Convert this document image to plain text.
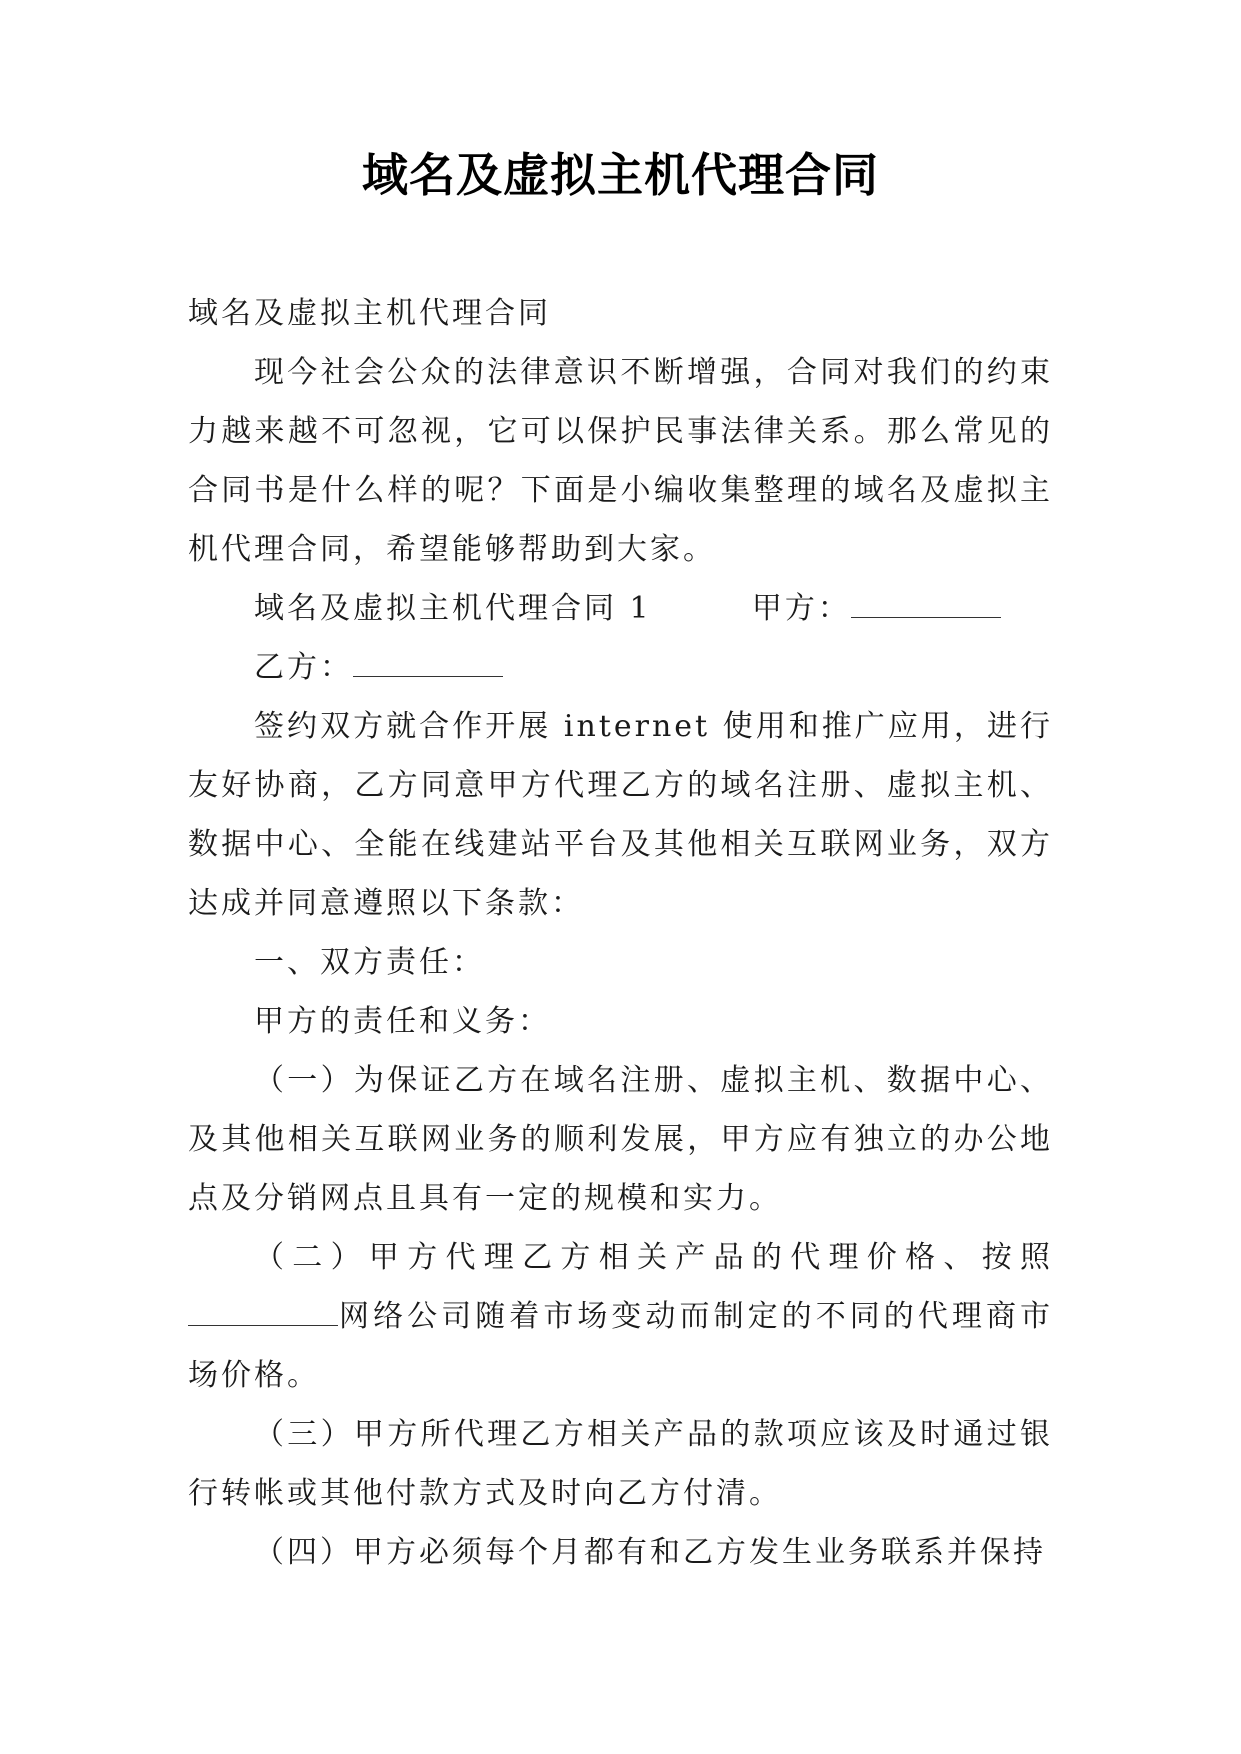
域名及虚拟主机代理合同

域名及虚拟主机代理合同

现今社会公众的法律意识不断增强，合同对我们的约束力越来越不可忽视，它可以保护民事法律关系。那么常见的合同书是什么样的呢？下面是小编收集整理的域名及虚拟主机代理合同，希望能够帮助到大家。

域名及虚拟主机代理合同 1	甲方：

乙方：

签约双方就合作开展 internet 使用和推广应用，进行友好协商，乙方同意甲方代理乙方的域名注册、虚拟主机、数据中心、全能在线建站平台及其他相关互联网业务，双方达成并同意遵照以下条款：

一、双方责任：

甲方的责任和义务：

（一）为保证乙方在域名注册、虚拟主机、数据中心、及其他相关互联网业务的顺利发展，甲方应有独立的办公地点及分销网点且具有一定的规模和实力。

（二）甲方代理乙方相关产品的代理价格、按照

网络公司随着市场变动而制定的不同的代理商市场价格。

（三）甲方所代理乙方相关产品的款项应该及时通过银行转帐或其他付款方式及时向乙方付清。

（四）甲方必须每个月都有和乙方发生业务联系并保持
